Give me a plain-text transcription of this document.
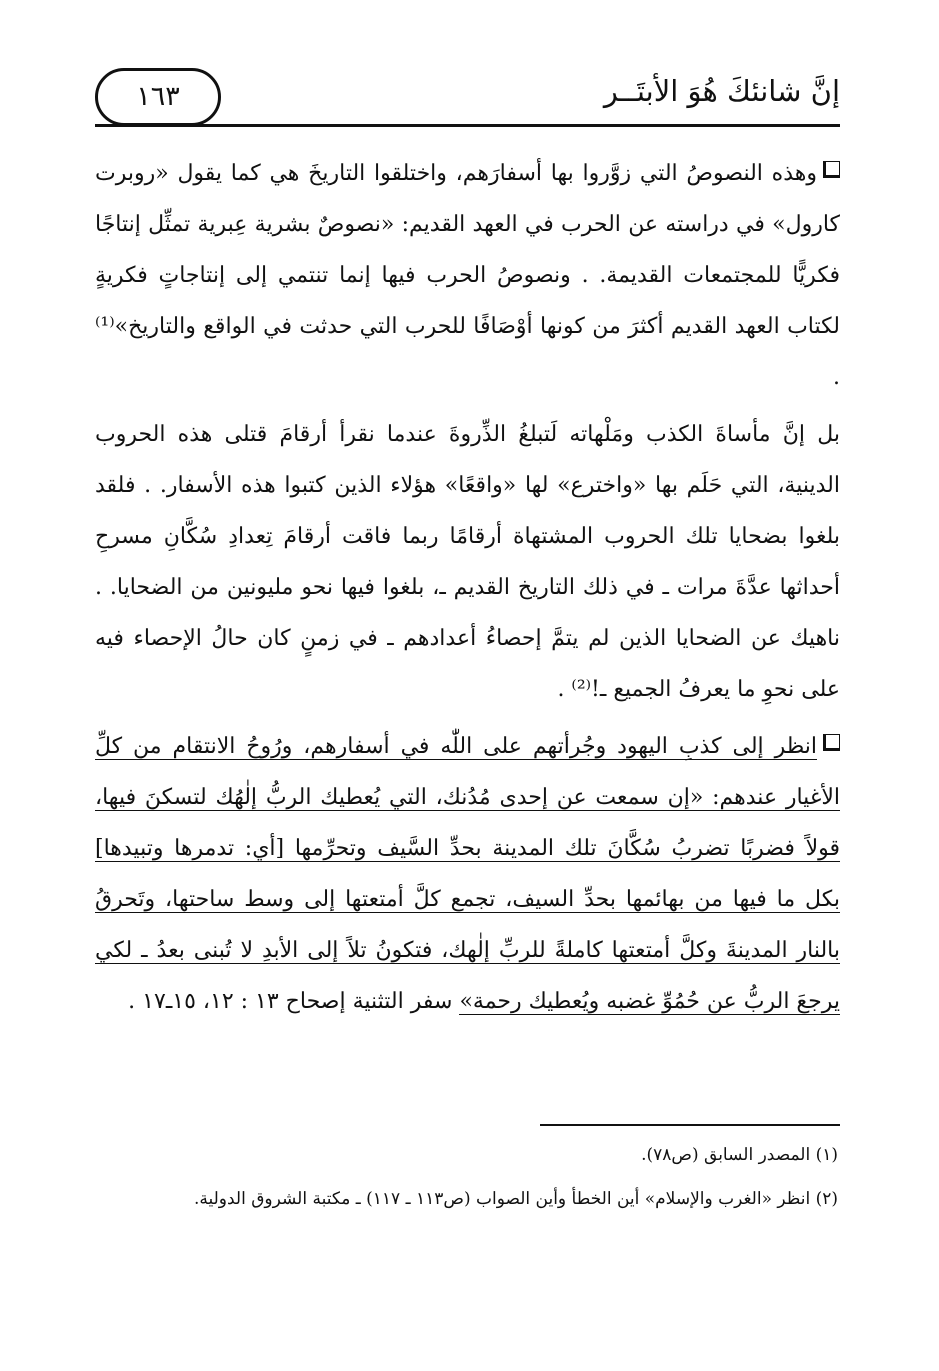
١٦٣	إنَّ شانئكَ هُوَ الأبتَــر

وهذه النصوصُ التي زوَّروا بها أسفارَهم، واختلقوا التاريخَ هي كما يقول «روبرت كارول» في دراسته عن الحرب في العهد القديم: «نصوصٌ بشرية عِبرية تمثِّل إنتاجًا فكريًّا للمجتمعات القديمة. . ونصوصُ الحرب فيها إنما تنتمي إلى إنتاجاتٍ فكريةٍ لكتاب العهد القديم أكثرَ من كونها أوْصَافًا للحرب التي حدثت في الواقع والتاريخ»⁽¹⁾ .

بل إنَّ مأساةَ الكذب ومَلْهاته لَتبلغُ الذِّروةَ عندما نقرأ أرقامَ قتلى هذه الحروب الدينية، التي حَلَم بها «واخترع» لها «واقعًا» هؤلاء الذين كتبوا هذه الأسفار. . فلقد بلغوا بضحايا تلك الحروب المشتهاة أرقامًا ربما فاقت أرقامَ تِعدادِ سُكَّانِ مسرحِ أحداثها عدَّةَ مرات ـ في ذلك التاريخ القديم ـ، بلغوا فيها نحو مليونين من الضحايا. . ناهيك عن الضحايا الذين لم يتمَّ إحصاءُ أعدادهم ـ في زمنٍ كان حالُ الإحصاء فيه على نحوِ ما يعرفُ الجميع ـ!⁽²⁾ .

انظر إلى كذبِ اليهود وجُرأتهم على اللّٰه في أسفارهم، ورُوحُ الانتقام من كلِّ الأغيار عندهم: «إن سمعت عن إحدى مُدُنك، التي يُعطيك الربُّ إلٰهُك لتسكنَ فيها، قولاً فضربًا تضربُ سُكَّانَ تلك المدينة بحدِّ السَّيف وتحرِّمها [أي: تدمرها وتبيدها] بكل ما فيها من بهائمها بحدِّ السيف، تجمع كلَّ أمتعتها إلى وسط ساحتها، وتَحرقُ بالنار المدينةَ وكلَّ أمتعتها كاملةً للربِّ إلٰهك، فتكونُ تلاً إلى الأبدِ لا تُبنى بعدُ ـ لكي يرجعَ الربُّ عن حُمُوِّ غضبه ويُعطيك رحمة» سفر التثنية إصحاح ١٣ : ١٢، ١٥ـ١٧ .

(١) المصدر السابق (ص٧٨).

(٢) انظر «الغرب والإسلام» أين الخطأ وأين الصواب (ص١١٣ ـ ١١٧) ـ مكتبة الشروق الدولية.
